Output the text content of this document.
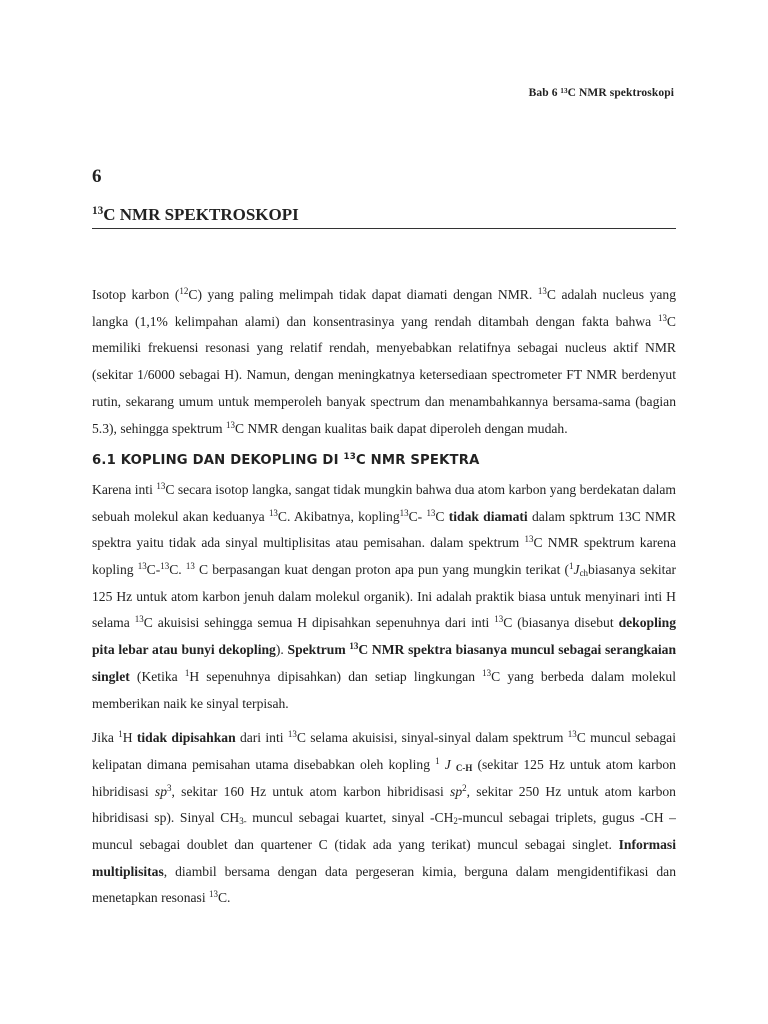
Bab 6 ¹³C NMR spektroskopi
6
$^{13}$C NMR SPEKTROSKOPI

Isotop karbon ($^{12}$C) yang paling melimpah tidak dapat diamati dengan NMR. $^{13}$C adalah nucleus yang langka (1,1% kelimpahan alami) dan konsentrasinya yang rendah ditambah dengan fakta bahwa $^{13}$C memiliki frekuensi resonasi yang relatif rendah, menyebabkan relatifnya sebagai nucleus aktif NMR (sekitar 1/6000 sebagai H). Namun, dengan meningkatnya ketersediaan spectrometer FT NMR berdenyut rutin, sekarang umum untuk memperoleh banyak spectrum dan menambahkannya bersama-sama (bagian 5.3), sehingga spektrum $^{13}$C NMR dengan kualitas baik dapat diperoleh dengan mudah.

6.1 KOPLING DAN DEKOPLING DI $^{13}$C NMR SPEKTRA

Karena inti $^{13}$C secara isotop langka, sangat tidak mungkin bahwa dua atom karbon yang berdekatan dalam sebuah molekul akan keduanya $^{13}$C. Akibatnya, kopling$^{13}$C- $^{13}$C tidak diamati dalam spktrum 13C NMR spektra yaitu tidak ada sinyal multiplisitas atau pemisahan. dalam spektrum $^{13}$C NMR spektrum karena kopling $^{13}$C-$^{13}$C. $^{13}$ C berpasangan kuat dengan proton apa pun yang mungkin terikat ($^1J_{ch}biasanya$ sekitar 125 Hz untuk atom karbon jenuh dalam molekul organik). Ini adalah praktik biasa untuk menyinari inti H selama $^{13}$C akuisisi sehingga semua H dipisahkan sepenuhnya dari inti $^{13}$C (biasanya disebut dekopling pita lebar atau bunyi dekopling). Spektrum $^{13}$C NMR spektra biasanya muncul sebagai serangkaian singlet (Ketika $^1$H sepenuhnya dipisahkan) dan setiap lingkungan $^{13}$C yang berbeda dalam molekul memberikan naik ke sinyal terpisah.

Jika $^1$H tidak dipisahkan dari inti $^{13}$C selama akuisisi, sinyal-sinyal dalam spektrum $^{13}$C muncul sebagai kelipatan dimana pemisahan utama disebabkan oleh kopling $^1$ J $_{C-H}$ (sekitar 125 Hz untuk atom karbon hibridisasi $sp^3$, sekitar 160 Hz untuk atom karbon hibridisasi $sp^2$, sekitar 250 Hz untuk atom karbon hibridisasi sp). Sinyal $CH_{3-}$ muncul sebagai kuartet, sinyal $-CH_2$-muncul sebagai triplets, gugus -CH –muncul sebagai doublet dan quartener C (tidak ada yang terikat) muncul sebagai singlet. Informasi multiplisitas, diambil bersama dengan data pergeseran kimia, berguna dalam mengidentifikasi dan menetapkan resonasi $^{13}$C.
